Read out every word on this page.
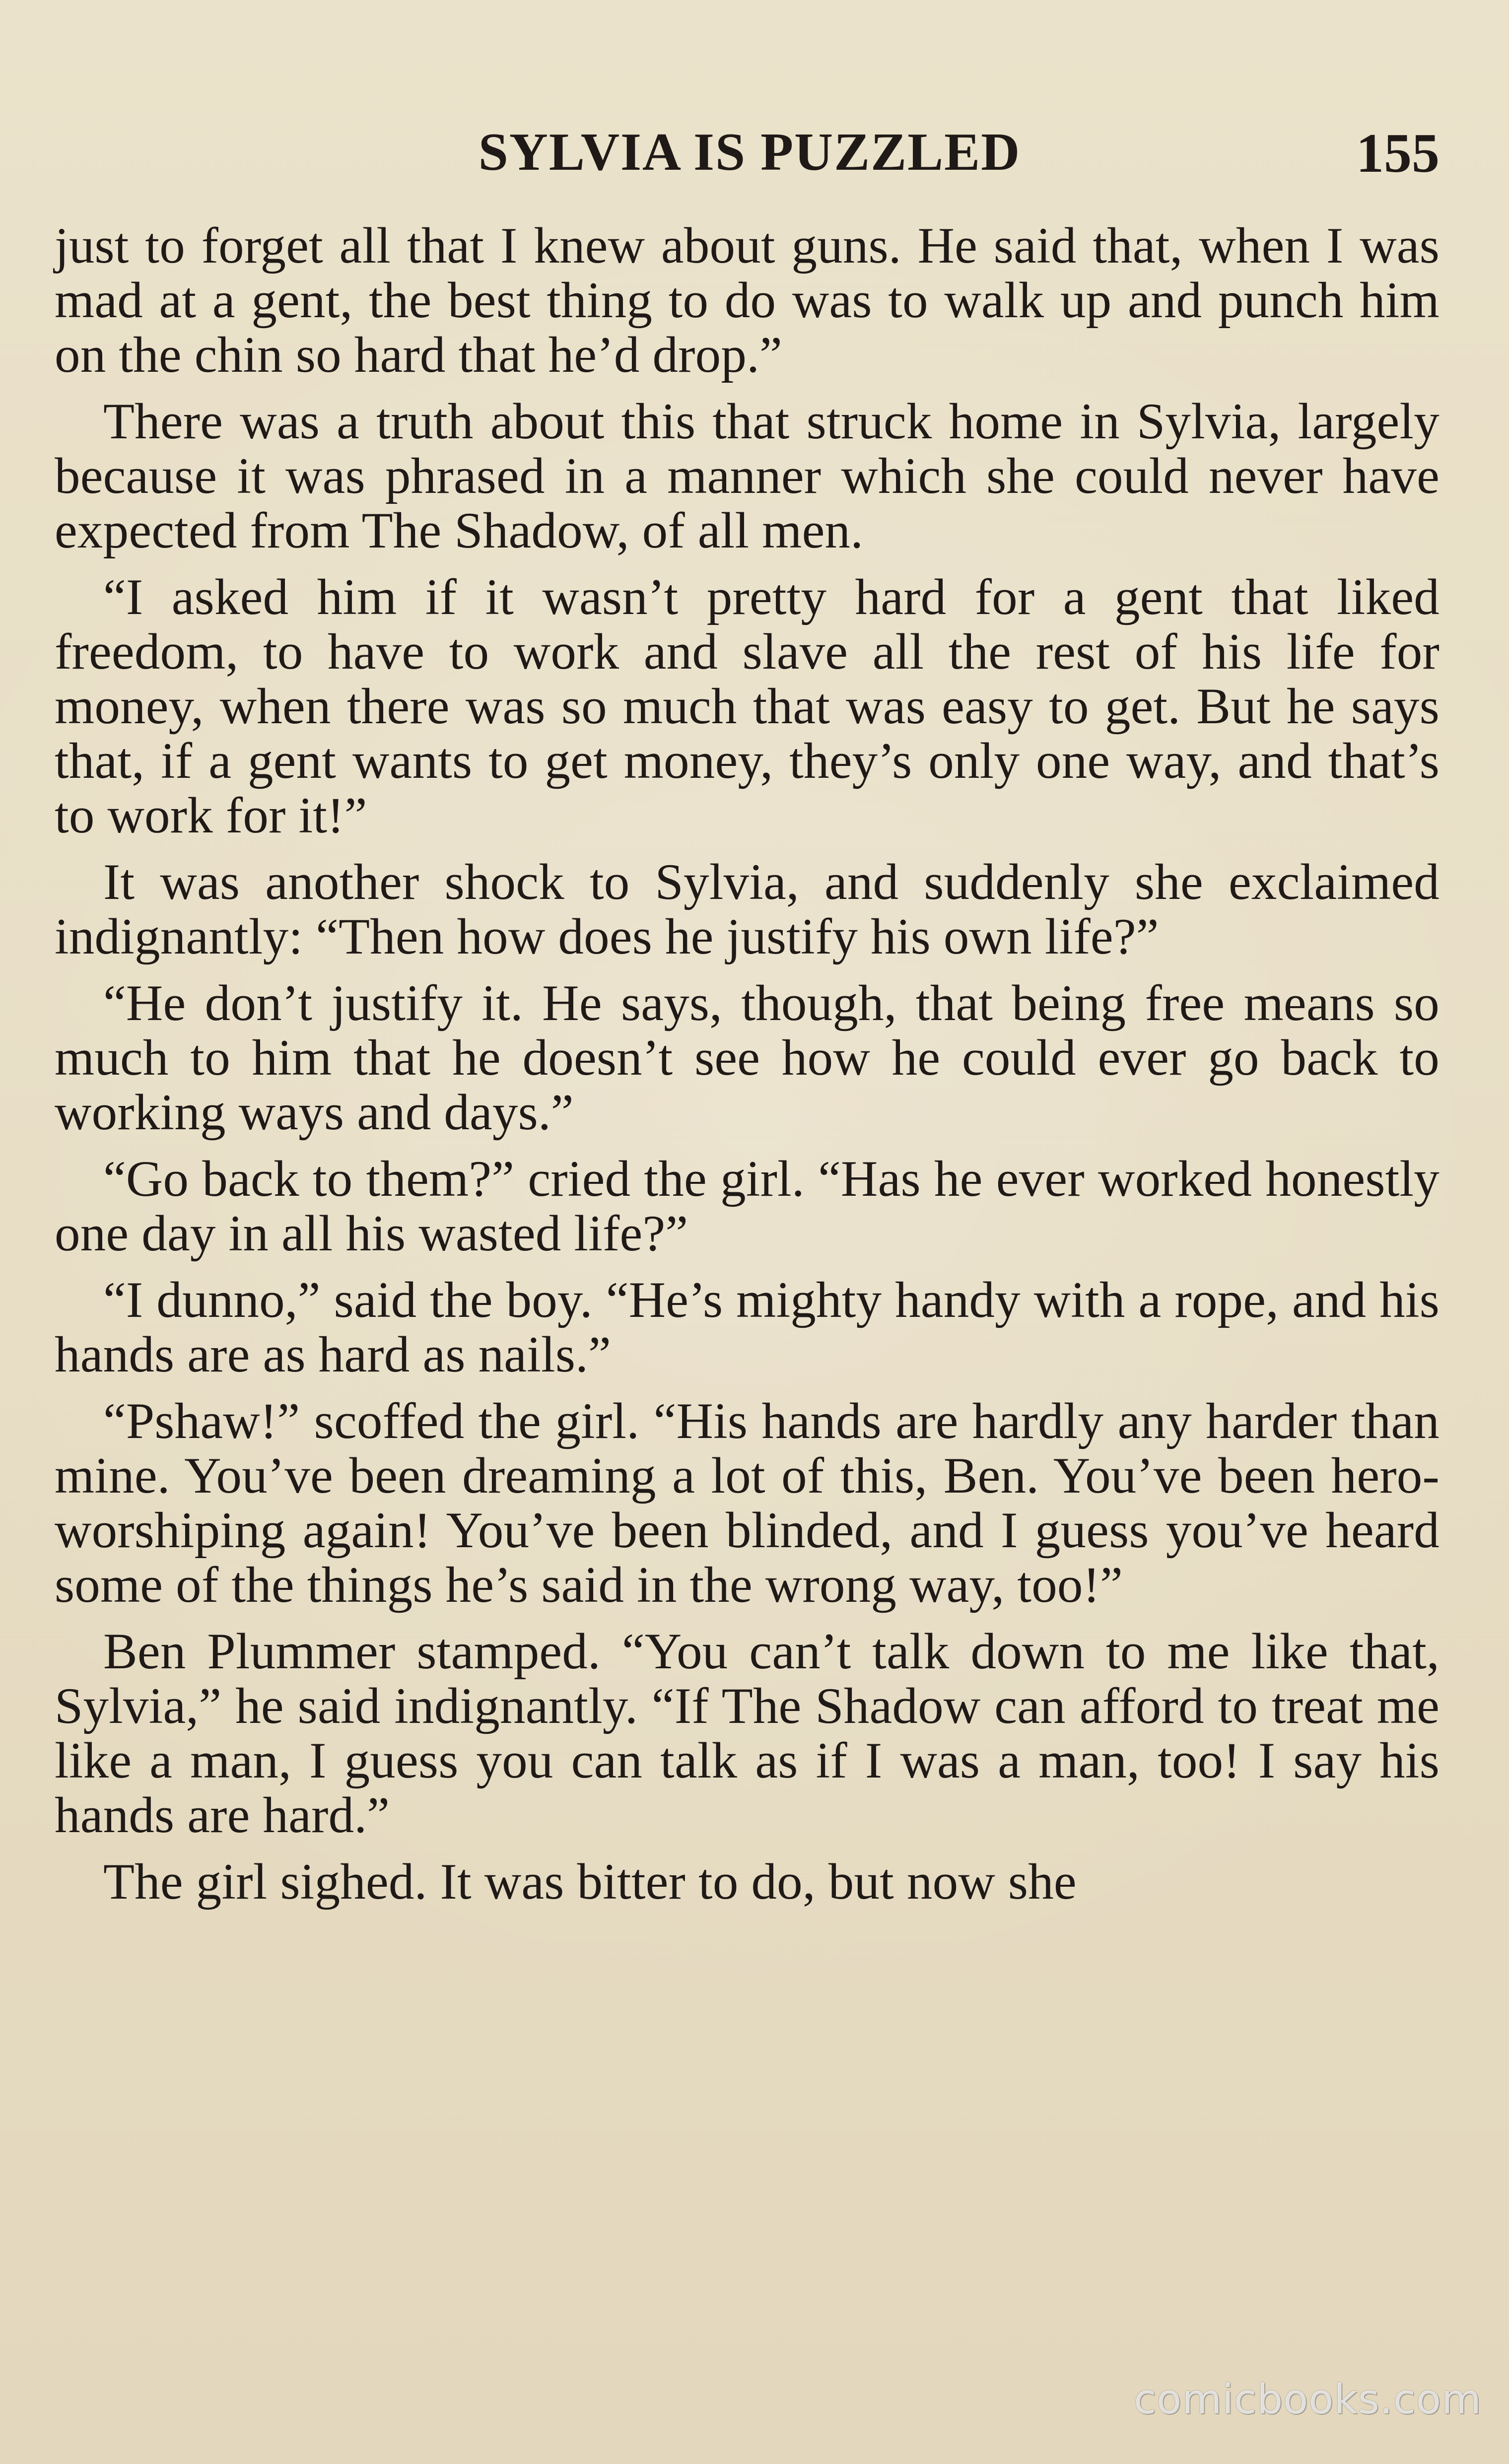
SYLVIA IS PUZZLED	155

just to forget all that I knew about guns. He said that, when I was mad at a gent, the best thing to do was to walk up and punch him on the chin so hard that he’d drop.”

There was a truth about this that struck home in Sylvia, largely because it was phrased in a manner which she could never have expected from The Shadow, of all men.

“I asked him if it wasn’t pretty hard for a gent that liked freedom, to have to work and slave all the rest of his life for money, when there was so much that was easy to get. But he says that, if a gent wants to get money, they’s only one way, and that’s to work for it!”

It was another shock to Sylvia, and suddenly she exclaimed indignantly: “Then how does he justify his own life?”

“He don’t justify it. He says, though, that being free means so much to him that he doesn’t see how he could ever go back to working ways and days.”

“Go back to them?” cried the girl. “Has he ever worked honestly one day in all his wasted life?”

“I dunno,” said the boy. “He’s mighty handy with a rope, and his hands are as hard as nails.”

“Pshaw!” scoffed the girl. “His hands are hardly any harder than mine. You’ve been dreaming a lot of this, Ben. You’ve been hero-worshiping again! You’ve been blinded, and I guess you’ve heard some of the things he’s said in the wrong way, too!”

Ben Plummer stamped. “You can’t talk down to me like that, Sylvia,” he said indignantly. “If The Shadow can afford to treat me like a man, I guess you can talk as if I was a man, too! I say his hands are hard.”

The girl sighed. It was bitter to do, but now she

comicbooks.com
